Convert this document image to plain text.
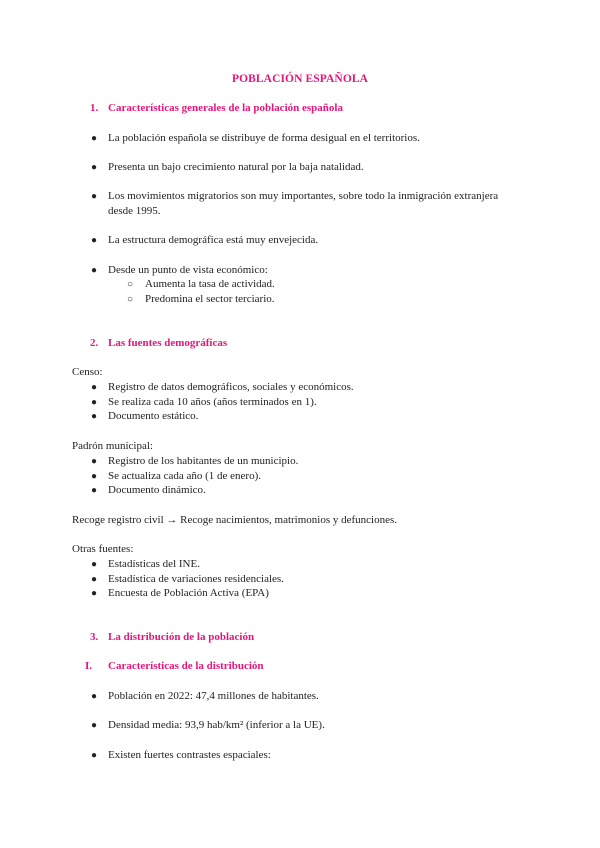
POBLACIÓN ESPAÑOLA
1. Características generales de la población española
● La población española se distribuye de forma desigual en el territorios.
● Presenta un bajo crecimiento natural por la baja natalidad.
● Los movimientos migratorios son muy importantes, sobre todo la inmigración extranjera desde 1995.
● La estructura demográfica está muy envejecida.
● Desde un punto de vista económico:
○ Aumenta la tasa de actividad.
○ Predomina el sector terciario.
2. Las fuentes demográficas
Censo:
● Registro de datos demográficos, sociales y económicos.
● Se realiza cada 10 años (años terminados en 1).
● Documento estático.
Padrón municipal:
● Registro de los habitantes de un municipio.
● Se actualiza cada año (1 de enero).
● Documento dinámico.
Recoge registro civil → Recoge nacimientos, matrimonios y defunciones.
Otras fuentes:
● Estadísticas del INE.
● Estadística de variaciones residenciales.
● Encuesta de Población Activa (EPA)
3. La distribución de la población
I.	Características de la distribución
● Población en 2022: 47,4 millones de habitantes.
● Densidad media: 93,9 hab/km² (inferior a la UE).
● Existen fuertes contrastes espaciales:
